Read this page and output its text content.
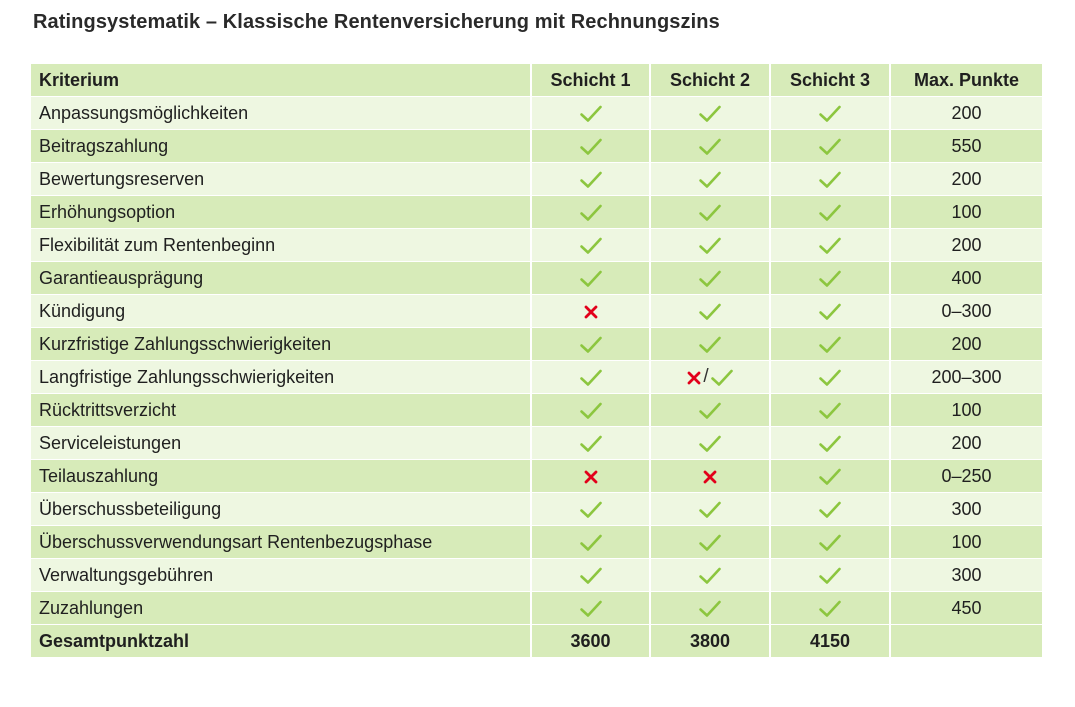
Ratingsystematik – Klassische Rentenversicherung mit Rechnungszins
Kriterium	Schicht 1	Schicht 2	Schicht 3	Max. Punkte
Anpassungsmöglichkeiten				200
Beitragszahlung				550
Bewertungsreserven				200
Erhöhungsoption				100
Flexibilität zum Rentenbeginn				200
Garantieausprägung				400
Kündigung				0–300
Kurzfristige Zahlungsschwierigkeiten				200
Langfristige Zahlungsschwierigkeiten		/		200–300
Rücktrittsverzicht				100
Serviceleistungen				200
Teilauszahlung				0–250
Überschussbeteiligung				300
Überschussverwendungsart Rentenbezugsphase				100
Verwaltungsgebühren				300
Zuzahlungen				450
Gesamtpunktzahl	3600	3800	4150	
